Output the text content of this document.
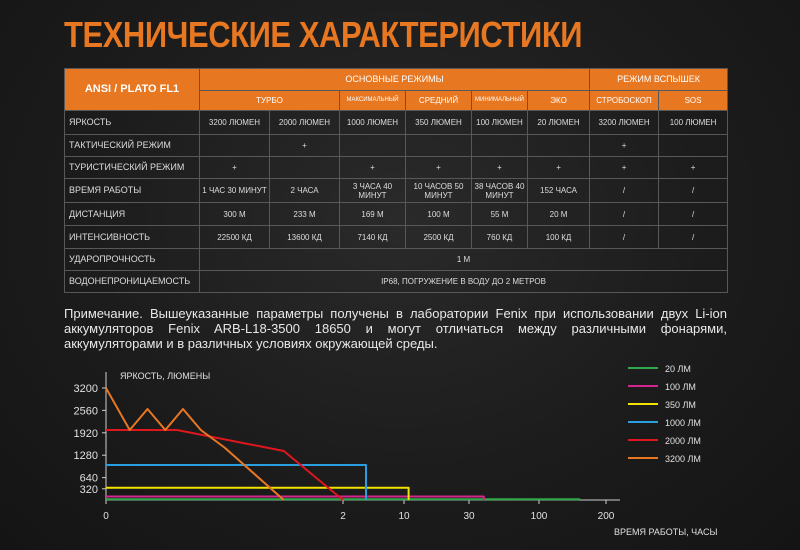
ТЕХНИЧЕСКИЕ ХАРАКТЕРИСТИКИ
ANSI / PLATO FL1	ОСНОВНЫЕ РЕЖИМЫ						РЕЖИМ ВСПЫШЕК	
	ТУРБО		МАКСИМАЛЬНЫЙ	СРЕДНИЙ	МИНИМАЛЬНЫЙ	ЭКО	СТРОБОСКОП	SOS
ЯРКОСТЬ	3200 ЛЮМЕН	2000 ЛЮМЕН	1000 ЛЮМЕН	350 ЛЮМЕН	100 ЛЮМЕН	20 ЛЮМЕН	3200 ЛЮМЕН	100 ЛЮМЕН
ТАКТИЧЕСКИЙ РЕЖИМ		+					+	
ТУРИСТИЧЕСКИЙ РЕЖИМ	+		+	+	+	+	+	+
ВРЕМЯ РАБОТЫ	1 ЧАС 30 МИНУТ	2 ЧАСА	3 ЧАСА 40 МИНУТ	10 ЧАСОВ 50 МИНУТ	38 ЧАСОВ 40 МИНУТ	152 ЧАСА	/	/
ДИСТАНЦИЯ	300 М	233 М	169 М	100 М	55 М	20 М	/	/
ИНТЕНСИВНОСТЬ	22500 КД	13600 КД	7140 КД	2500 КД	760 КД	100 КД	/	/
УДАРОПРОЧНОСТЬ	1 М							
ВОДОНЕПРОНИЦАЕМОСТЬ	IP68, ПОГРУЖЕНИЕ В ВОДУ ДО 2 МЕТРОВ							
Примечание. Вышеуказанные параметры получены в лаборатории Fenix при использовании двух Li-ion аккумуляторов Fenix ARB-L18-3500 18650 и могут отличаться между различными фонарями, аккумуляторами и в различных условиях окружающей среды.
3200
2560
1920
1280
640
320
0	2	10	30	100	200
ЯРКОСТЬ, ЛЮМЕНЫ
ВРЕМЯ РАБОТЫ, ЧАСЫ
20 ЛМ
100 ЛМ
350 ЛМ
1000 ЛМ
2000 ЛМ
3200 ЛМ
